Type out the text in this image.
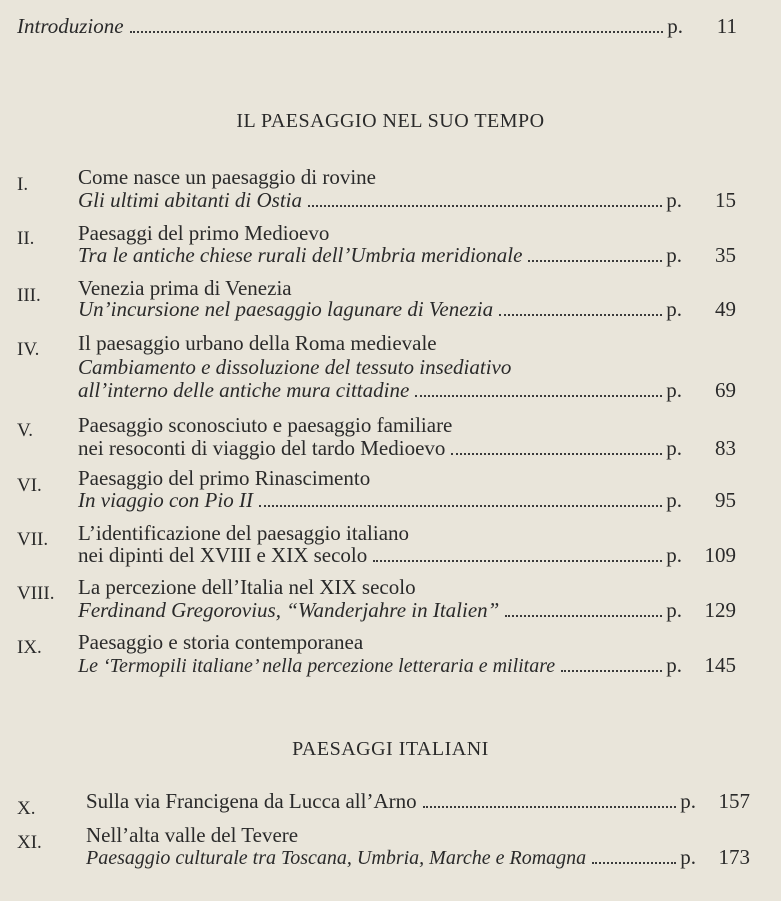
Introduzione	p.	11
IL PAESAGGIO NEL SUO TEMPO
I. Come nasce un paesaggio di rovine
Gli ultimi abitanti di Ostia	p.	15
II. Paesaggi del primo Medioevo
Tra le antiche chiese rurali dell’Umbria meridionale	p.	35
III. Venezia prima di Venezia
Un’incursione nel paesaggio lagunare di Venezia	p.	49
IV. Il paesaggio urbano della Roma medievale
Cambiamento e dissoluzione del tessuto insediativo
all’interno delle antiche mura cittadine	p.	69
V. Paesaggio sconosciuto e paesaggio familiare
nei resoconti di viaggio del tardo Medioevo	p.	83
VI. Paesaggio del primo Rinascimento
In viaggio con Pio II	p.	95
VII. L’identificazione del paesaggio italiano
nei dipinti del XVIII e XIX secolo	p.	109
VIII. La percezione dell’Italia nel XIX secolo
Ferdinand Gregorovius, “Wanderjahre in Italien”	p.	129
IX. Paesaggio e storia contemporanea
Le ‘Termopili italiane’ nella percezione letteraria e militare	p.	145
PAESAGGI ITALIANI
X. Sulla via Francigena da Lucca all’Arno	p.	157
XI. Nell’alta valle del Tevere
Paesaggio culturale tra Toscana, Umbria, Marche e Romagna	p.	173
